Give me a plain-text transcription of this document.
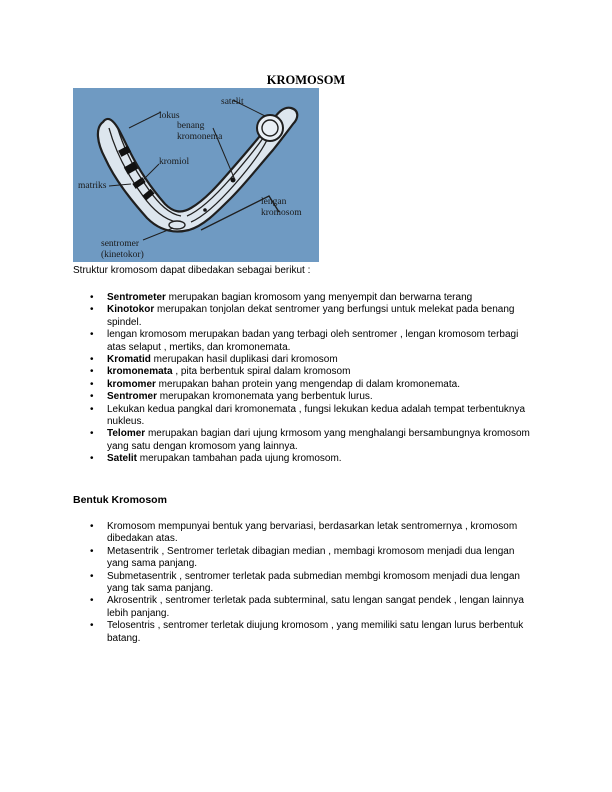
KROMOSOM
satelit
lokus
benang
kromonema
kromiol
matriks
lengan
kromosom
sentromer
(kinetokor)
Struktur kromosom dapat dibedakan sebagai berikut :
• Sentrometer merupakan bagian kromosom yang menyempit dan berwarna terang
• Kinotokor merupakan tonjolan dekat sentromer yang berfungsi untuk melekat pada benang spindel.
• lengan kromosom merupakan badan yang terbagi oleh sentromer , lengan kromosom terbagi atas selaput , mertiks, dan kromonemata.
• Kromatid merupakan hasil duplikasi dari kromosom
• kromonemata , pita berbentuk spiral dalam kromosom
• kromomer merupakan bahan protein yang mengendap di dalam kromonemata.
• Sentromer merupakan kromonemata yang berbentuk lurus.
• Lekukan kedua pangkal dari kromonemata , fungsi lekukan kedua adalah tempat terbentuknya nukleus.
• Telomer merupakan bagian dari ujung krmosom yang menghalangi bersambungnya kromosom yang satu dengan kromosom yang lainnya.
• Satelit merupakan tambahan pada ujung kromosom.
Bentuk Kromosom
• Kromosom mempunyai bentuk yang bervariasi, berdasarkan letak sentromernya , kromosom dibedakan atas.
• Metasentrik , Sentromer terletak dibagian median , membagi kromosom menjadi dua lengan yang sama panjang.
• Submetasentrik , sentromer terletak pada submedian membgi kromosom menjadi dua lengan yang tak sama panjang.
• Akrosentrik , sentromer terletak pada subterminal, satu lengan sangat pendek , lengan lainnya lebih panjang.
• Telosentris , sentromer terletak diujung kromosom , yang memiliki satu lengan lurus berbentuk batang.
